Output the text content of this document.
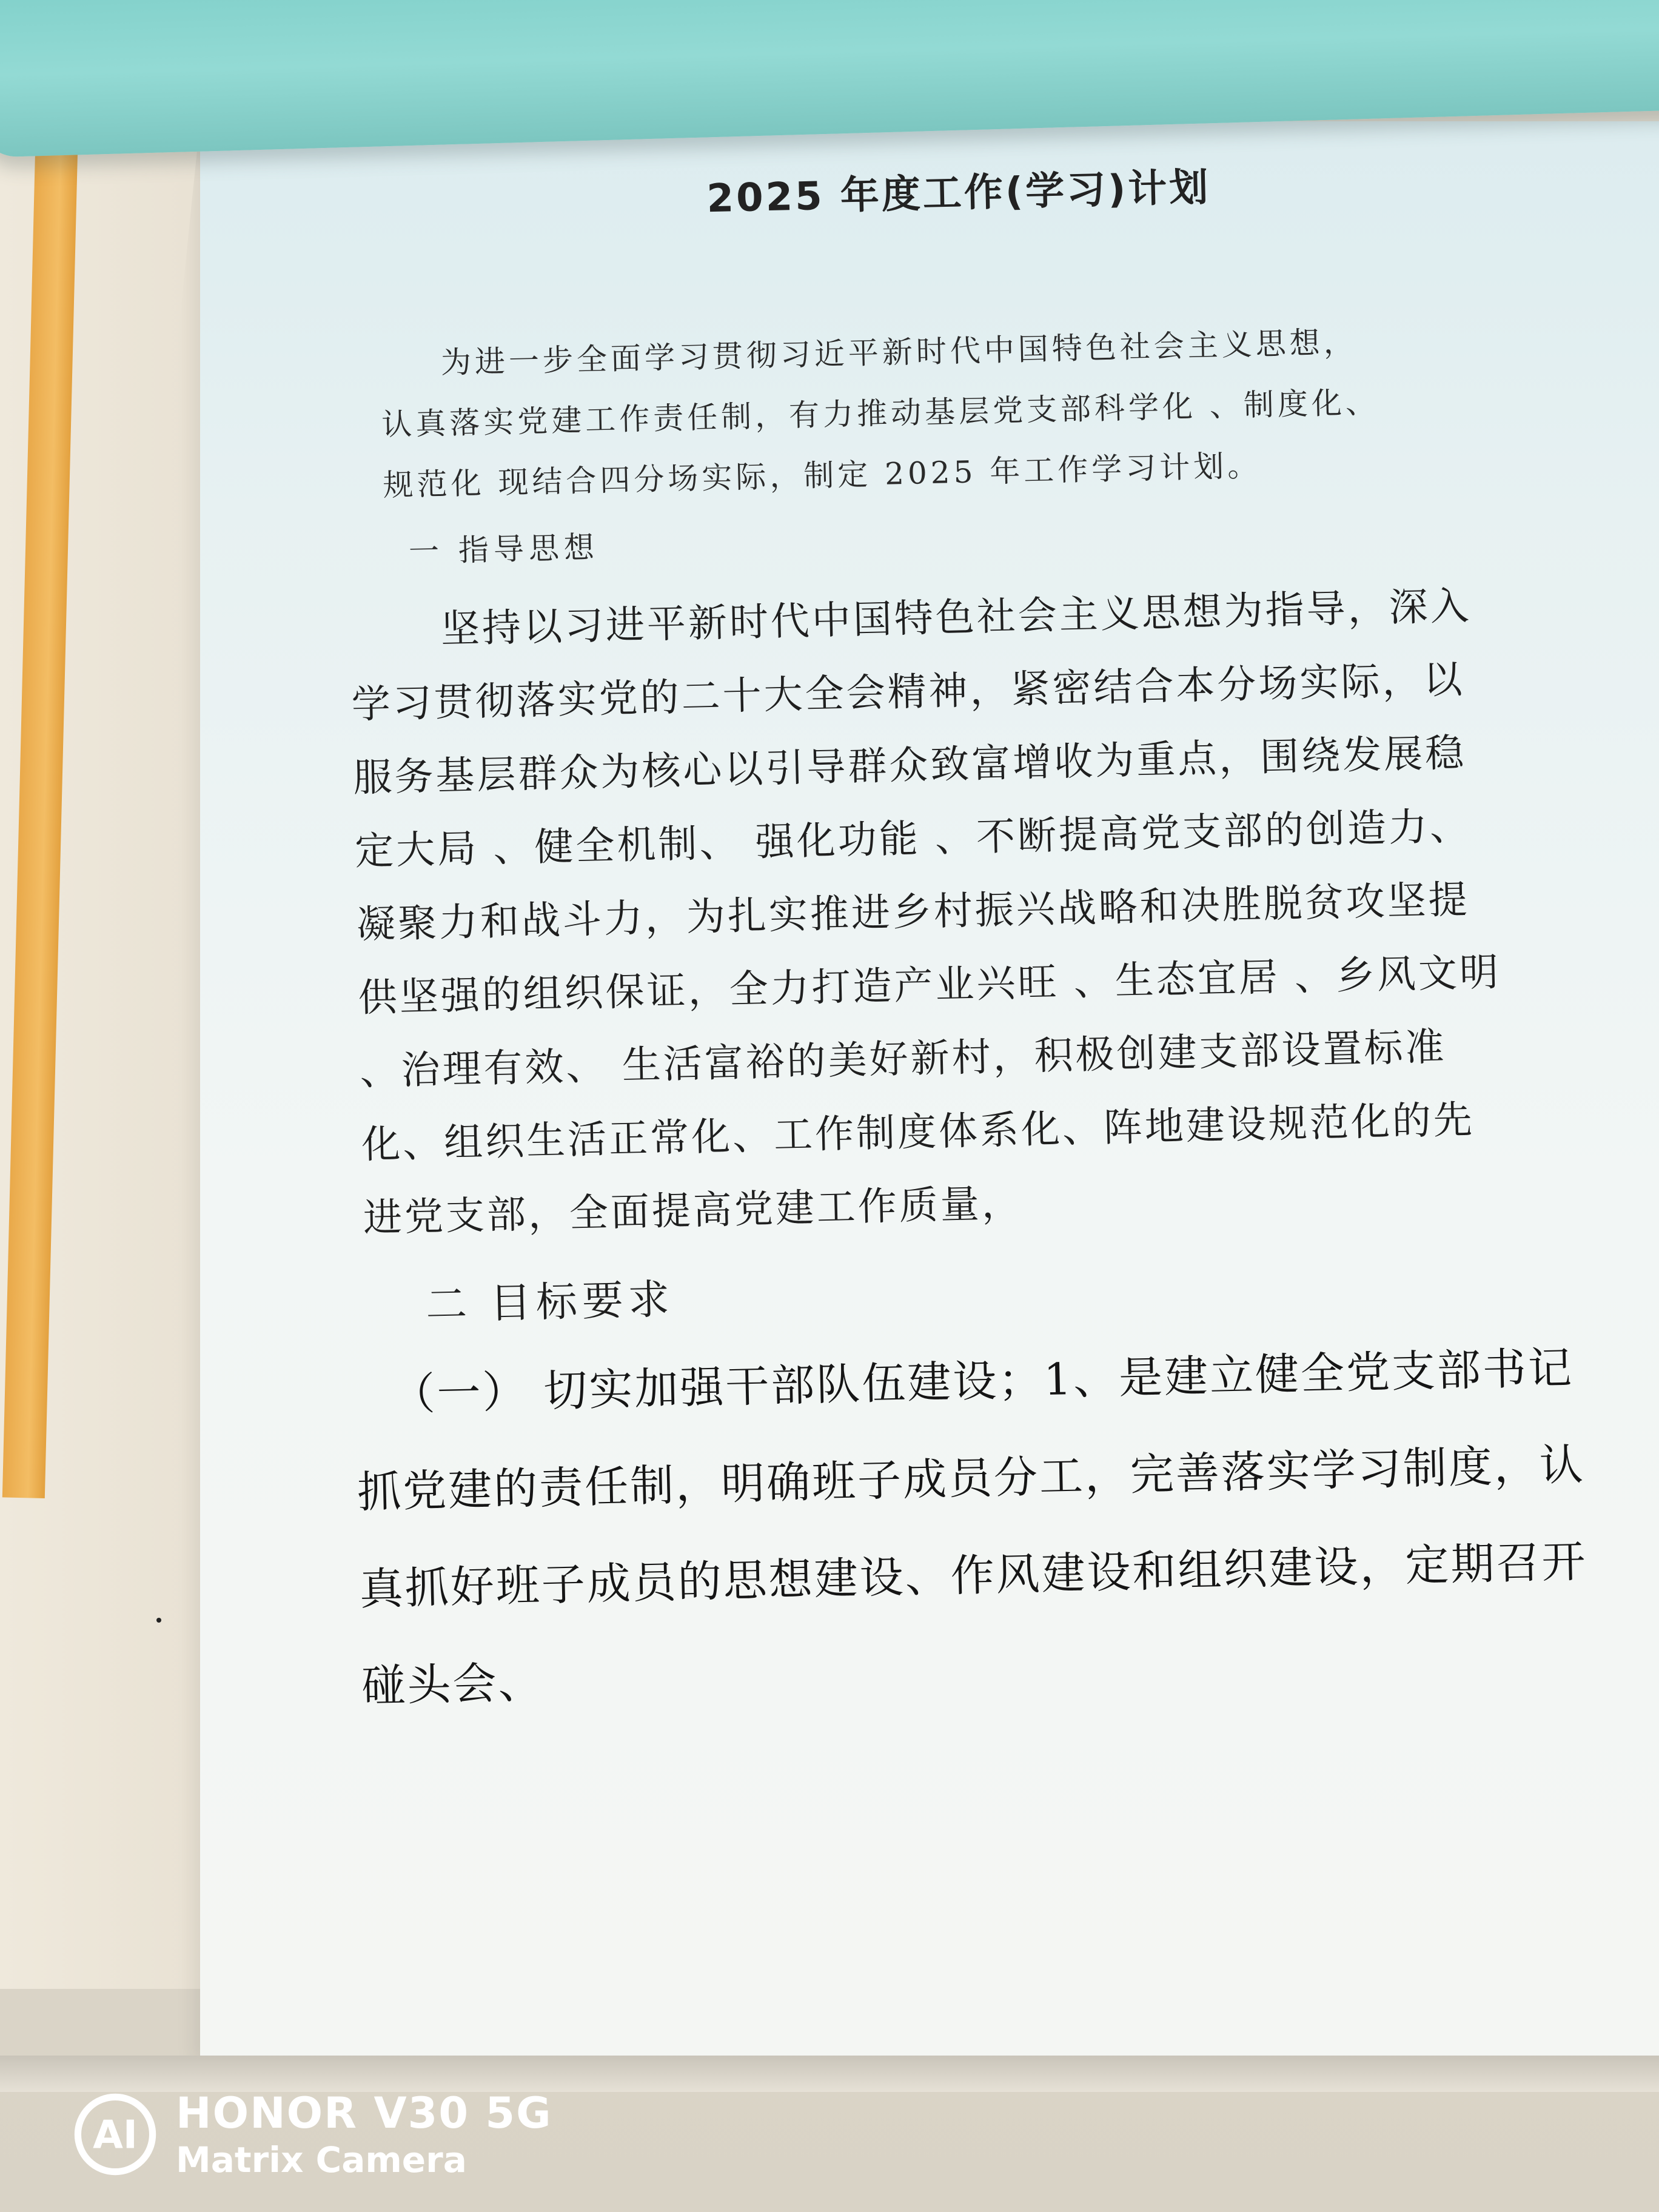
2025 年度工作(学习)计划
为进一步全面学习贯彻习近平新时代中国特色社会主义思想，认真落实党建工作责任制，有力推动基层党支部科学化 、制度化、 规范化 现结合四分场实际，制定 2025 年工作学习计划。
一 指导思想
坚持以习进平新时代中国特色社会主义思想为指导，深入学习贯彻落实党的二十大全会精神，紧密结合本分场实际，以服务基层群众为核心以引导群众致富增收为重点，围绕发展稳定大局 、健全机制、 强化功能 、不断提高党支部的创造力、凝聚力和战斗力，为扎实推进乡村振兴战略和决胜脱贫攻坚提供坚强的组织保证，全力打造产业兴旺 、生态宜居 、乡风文明 、治理有效、 生活富裕的美好新村，积极创建支部设置标准化、组织生活正常化、工作制度体系化、阵地建设规范化的先进党支部，全面提高党建工作质量，
二 目标要求
（一） 切实加强干部队伍建设；1、是建立健全党支部书记抓党建的责任制，明确班子成员分工，完善落实学习制度，认真抓好班子成员的思想建设、作风建设和组织建设，定期召开碰头会、
AI HONOR V30 5G
Matrix Camera
